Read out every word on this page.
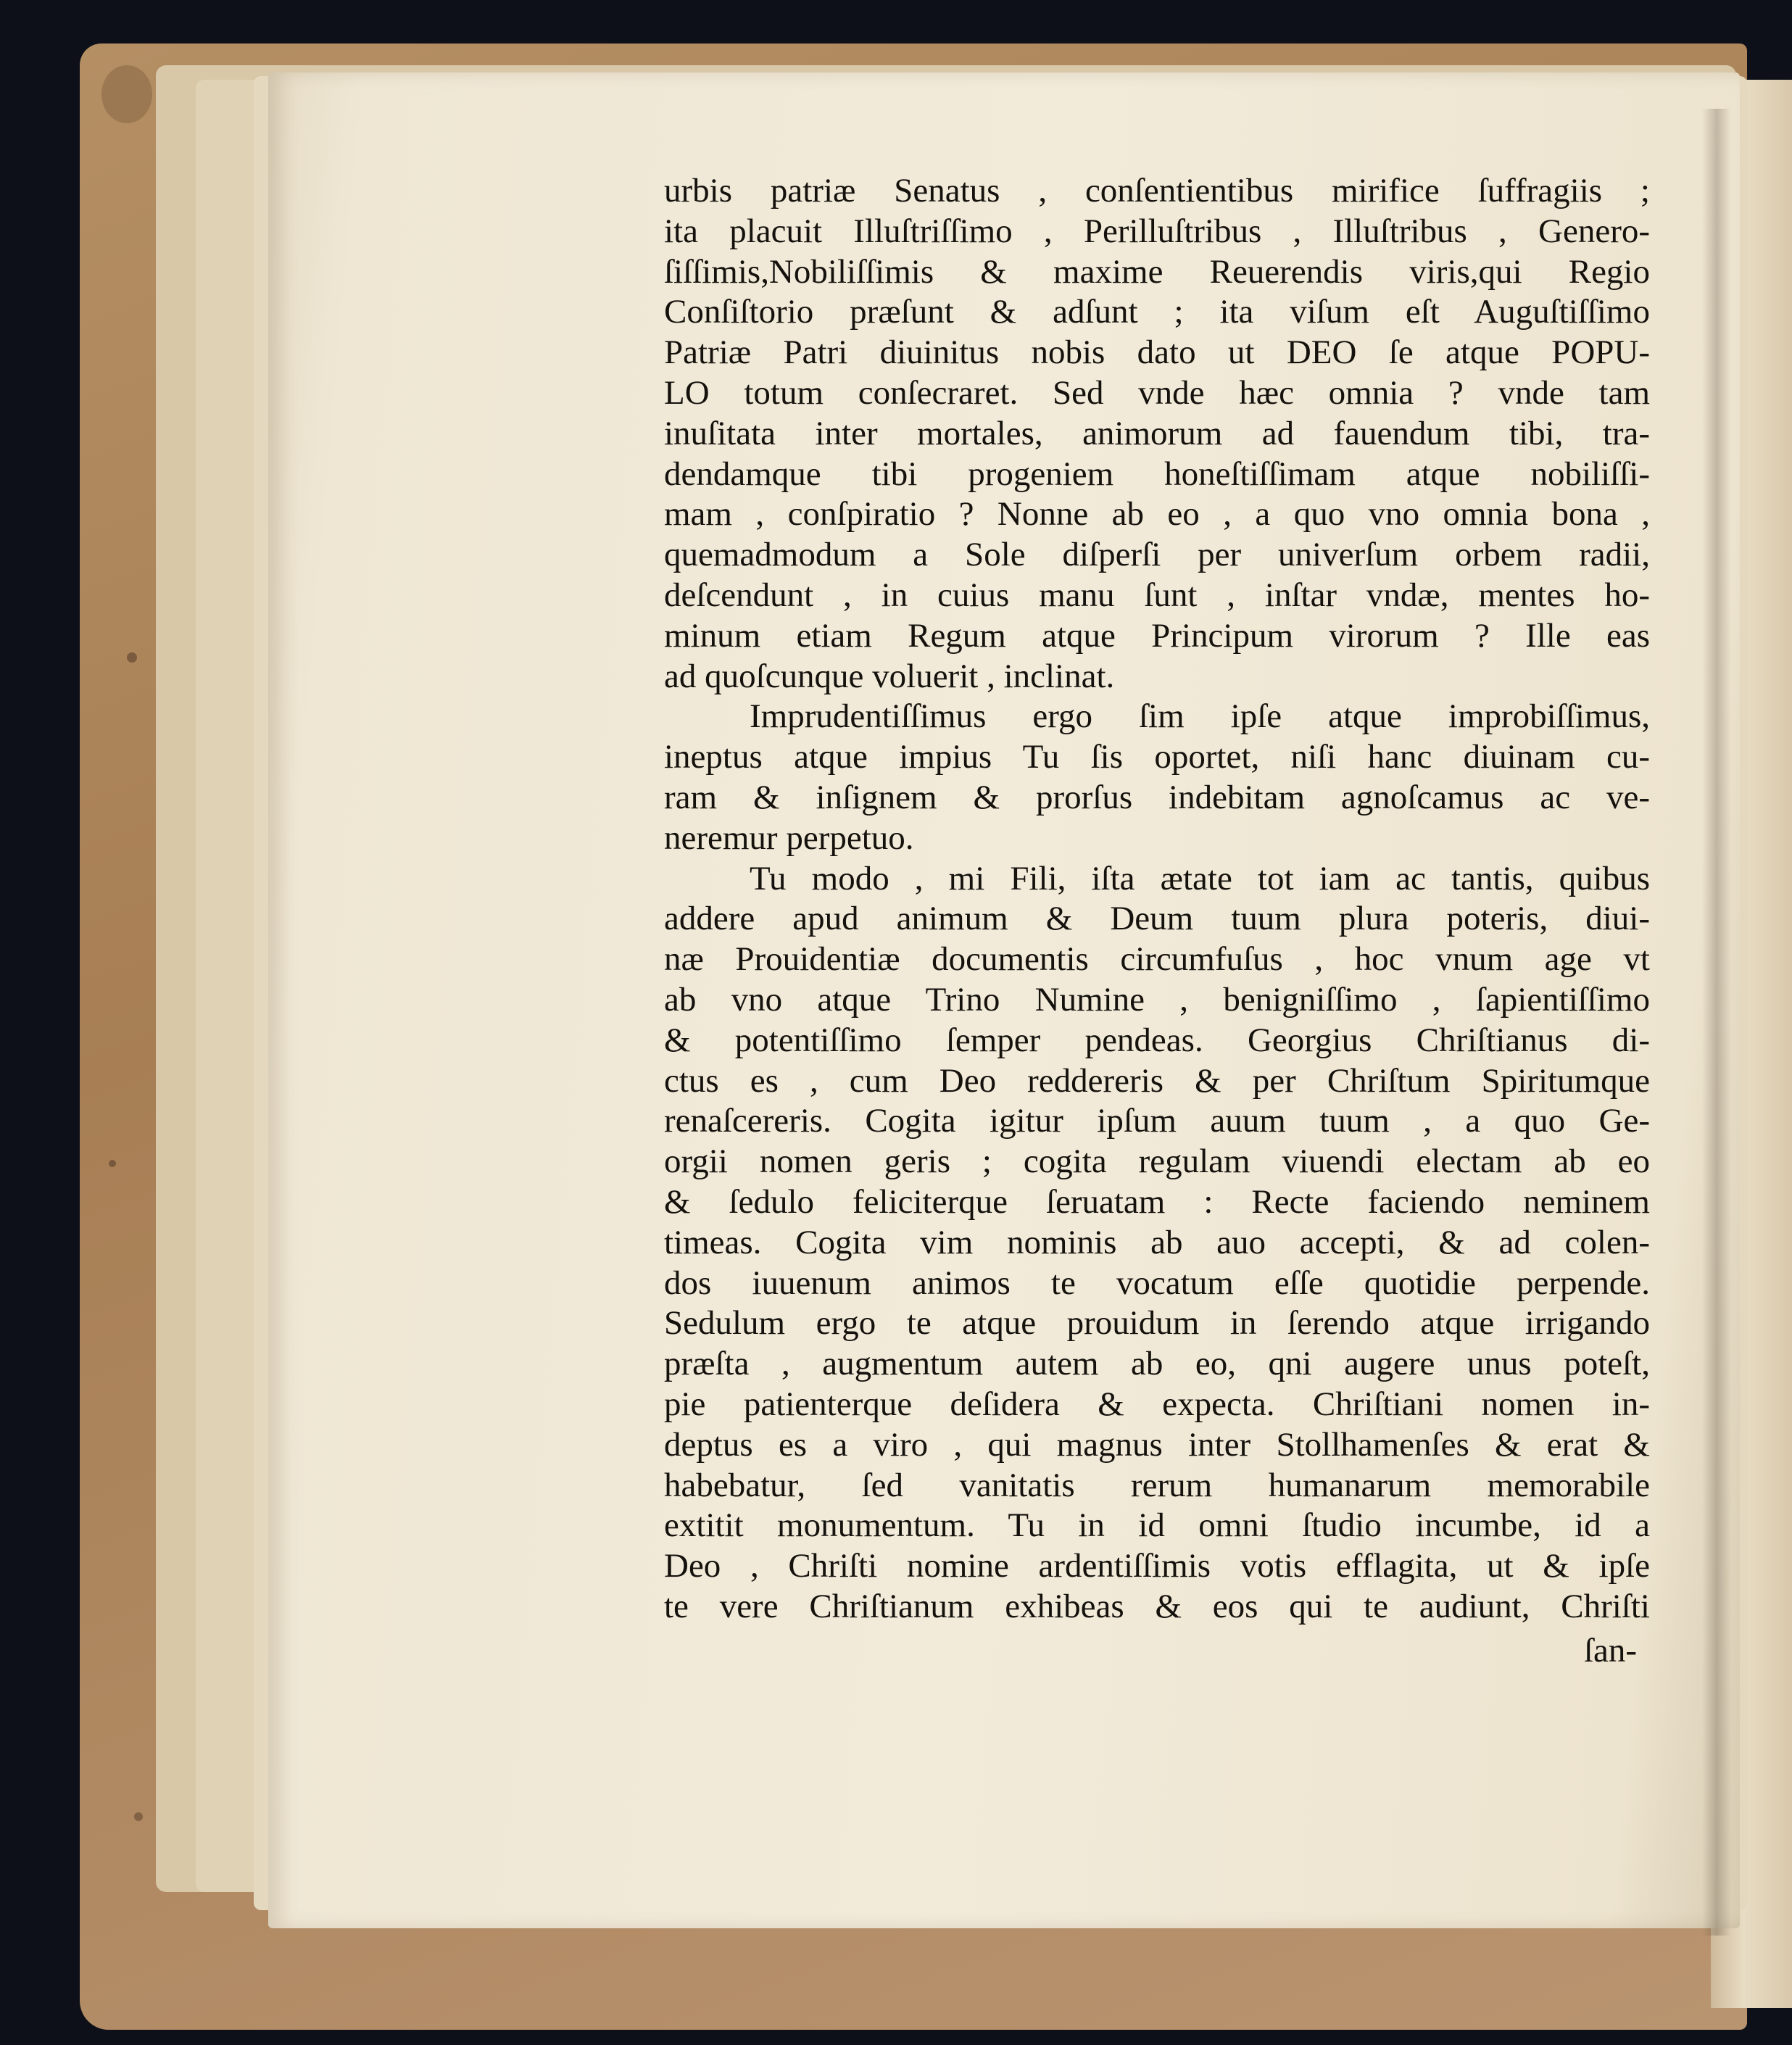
urbis patriæ Senatus , conſentientibus mirifice ſuffragiis ;
ita placuit Illuſtriſſimo , Perilluſtribus , Illuſtribus , Genero-
ſiſſimis,Nobiliſſimis & maxime Reuerendis viris,qui Regio
Conſiſtorio præſunt & adſunt ; ita viſum eſt Auguſtiſſimo
Patriæ Patri diuinitus nobis dato ut DEO ſe atque POPU-
LO totum conſecraret. Sed vnde hæc omnia ? vnde tam
inuſitata inter mortales, animorum ad fauendum tibi, tra-
dendamque tibi progeniem honeſtiſſimam atque nobiliſſi-
mam , conſpiratio ? Nonne ab eo , a quo vno omnia bona ,
quemadmodum a Sole diſperſi per univerſum orbem radii,
deſcendunt , in cuius manu ſunt , inſtar vndæ, mentes ho-
minum etiam Regum atque Principum virorum ? Ille eas
ad quoſcunque voluerit , inclinat.
Imprudentiſſimus ergo ſim ipſe atque improbiſſimus,
ineptus atque impius Tu ſis oportet, niſi hanc diuinam cu-
ram & inſignem & prorſus indebitam agnoſcamus ac ve-
neremur perpetuo.
Tu modo , mi Fili, iſta ætate tot iam ac tantis, quibus
addere apud animum & Deum tuum plura poteris, diui-
næ Prouidentiæ documentis circumfuſus , hoc vnum age vt
ab vno atque Trino Numine , benigniſſimo , ſapientiſſimo
& potentiſſimo ſemper pendeas. Georgius Chriſtianus di-
ctus es , cum Deo reddereris & per Chriſtum Spiritumque
renaſcereris. Cogita igitur ipſum auum tuum , a quo Ge-
orgii nomen geris ; cogita regulam viuendi electam ab eo
& ſedulo feliciterque ſeruatam : Recte faciendo neminem
timeas. Cogita vim nominis ab auo accepti, & ad colen-
dos iuuenum animos te vocatum eſſe quotidie perpende.
Sedulum ergo te atque prouidum in ſerendo atque irrigando
præſta , augmentum autem ab eo, qni augere unus poteſt,
pie patienterque deſidera & expecta. Chriſtiani nomen in-
deptus es a viro , qui magnus inter Stollhamenſes & erat &
habebatur, ſed vanitatis rerum humanarum memorabile
extitit monumentum. Tu in id omni ſtudio incumbe, id a
Deo , Chriſti nomine ardentiſſimis votis efflagita, ut & ipſe
te vere Chriſtianum exhibeas & eos qui te audiunt, Chriſti
ſan-
